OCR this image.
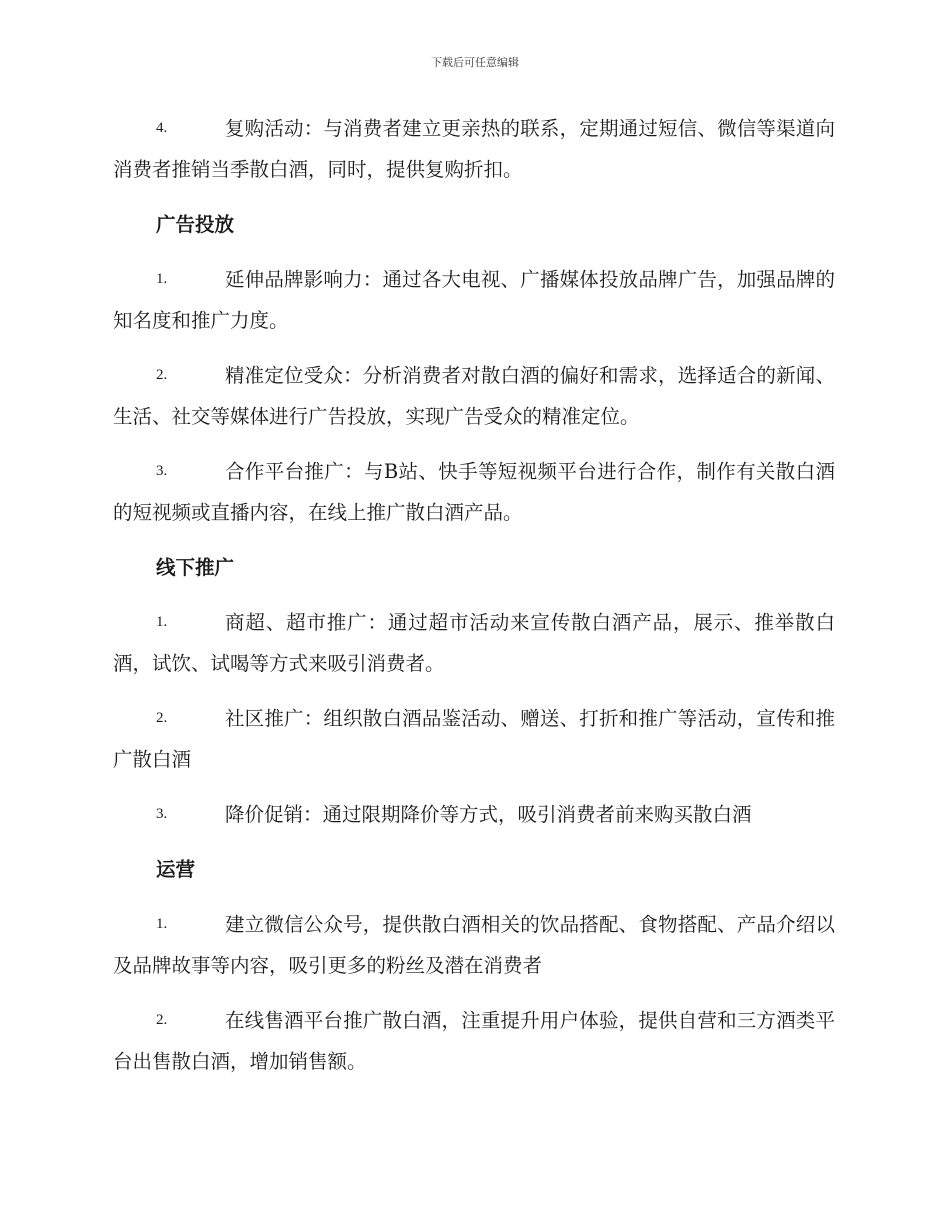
下载后可任意编辑
4.	复购活动：与消费者建立更亲热的联系，定期通过短信、微信等渠道向消费者推销当季散白酒，同时，提供复购折扣。
广告投放
1.	延伸品牌影响力：通过各大电视、广播媒体投放品牌广告，加强品牌的知名度和推广力度。
2.	精准定位受众：分析消费者对散白酒的偏好和需求，选择适合的新闻、生活、社交等媒体进行广告投放，实现广告受众的精准定位。
3.	合作平台推广：与B站、快手等短视频平台进行合作，制作有关散白酒的短视频或直播内容，在线上推广散白酒产品。
线下推广
1.	商超、超市推广：通过超市活动来宣传散白酒产品，展示、推举散白酒，试饮、试喝等方式来吸引消费者。
2.	社区推广：组织散白酒品鉴活动、赠送、打折和推广等活动，宣传和推广散白酒
3.	降价促销：通过限期降价等方式，吸引消费者前来购买散白酒
运营
1.	建立微信公众号，提供散白酒相关的饮品搭配、食物搭配、产品介绍以及品牌故事等内容，吸引更多的粉丝及潜在消费者
2.	在线售酒平台推广散白酒，注重提升用户体验，提供自营和三方酒类平台出售散白酒，增加销售额。
